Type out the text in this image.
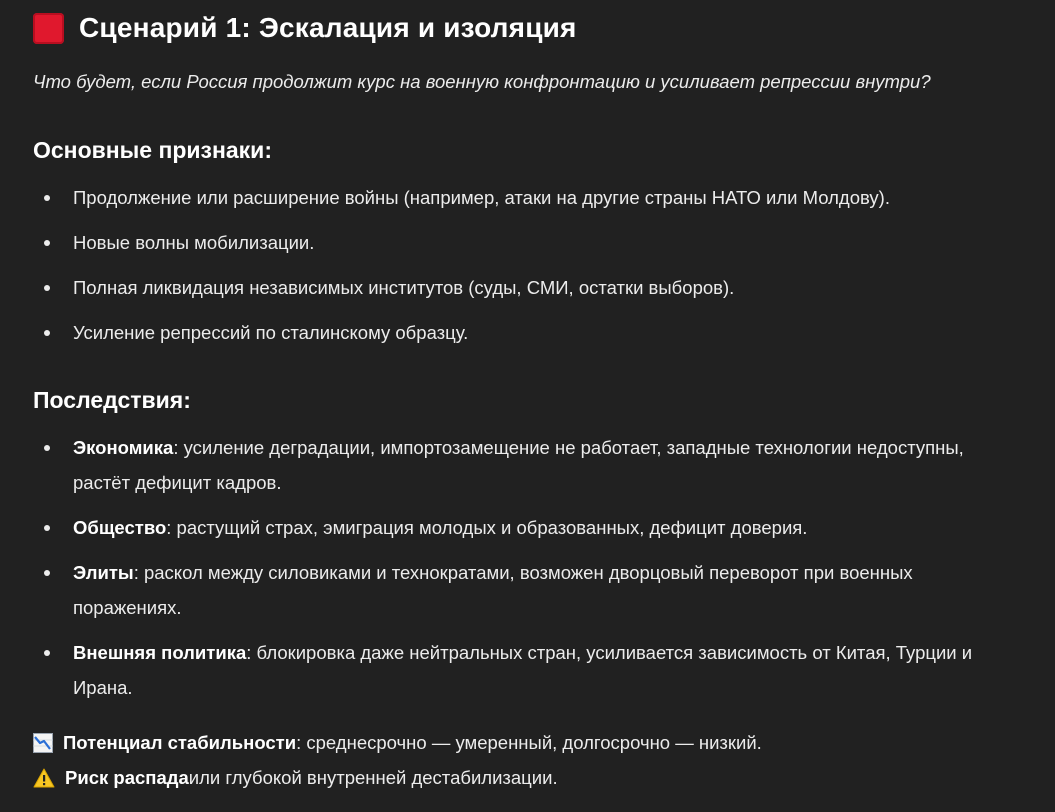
Сценарий 1: Эскалация и изоляция
Что будет, если Россия продолжит курс на военную конфронтацию и усиливает репрессии внутри?
Основные признаки:
Продолжение или расширение войны (например, атаки на другие страны НАТО или Молдову).
Новые волны мобилизации.
Полная ликвидация независимых институтов (суды, СМИ, остатки выборов).
Усиление репрессий по сталинскому образцу.
Последствия:
Экономика: усиление деградации, импортозамещение не работает, западные технологии недоступны, растёт дефицит кадров.
Общество: растущий страх, эмиграция молодых и образованных, дефицит доверия.
Элиты: раскол между силовиками и технократами, возможен дворцовый переворот при военных поражениях.
Внешняя политика: блокировка даже нейтральных стран, усиливается зависимость от Китая, Турции и Ирана.
Потенциал стабильности : среднесрочно — умеренный, долгосрочно — низкий.
Риск распада или глубокой внутренней дестабилизации.
